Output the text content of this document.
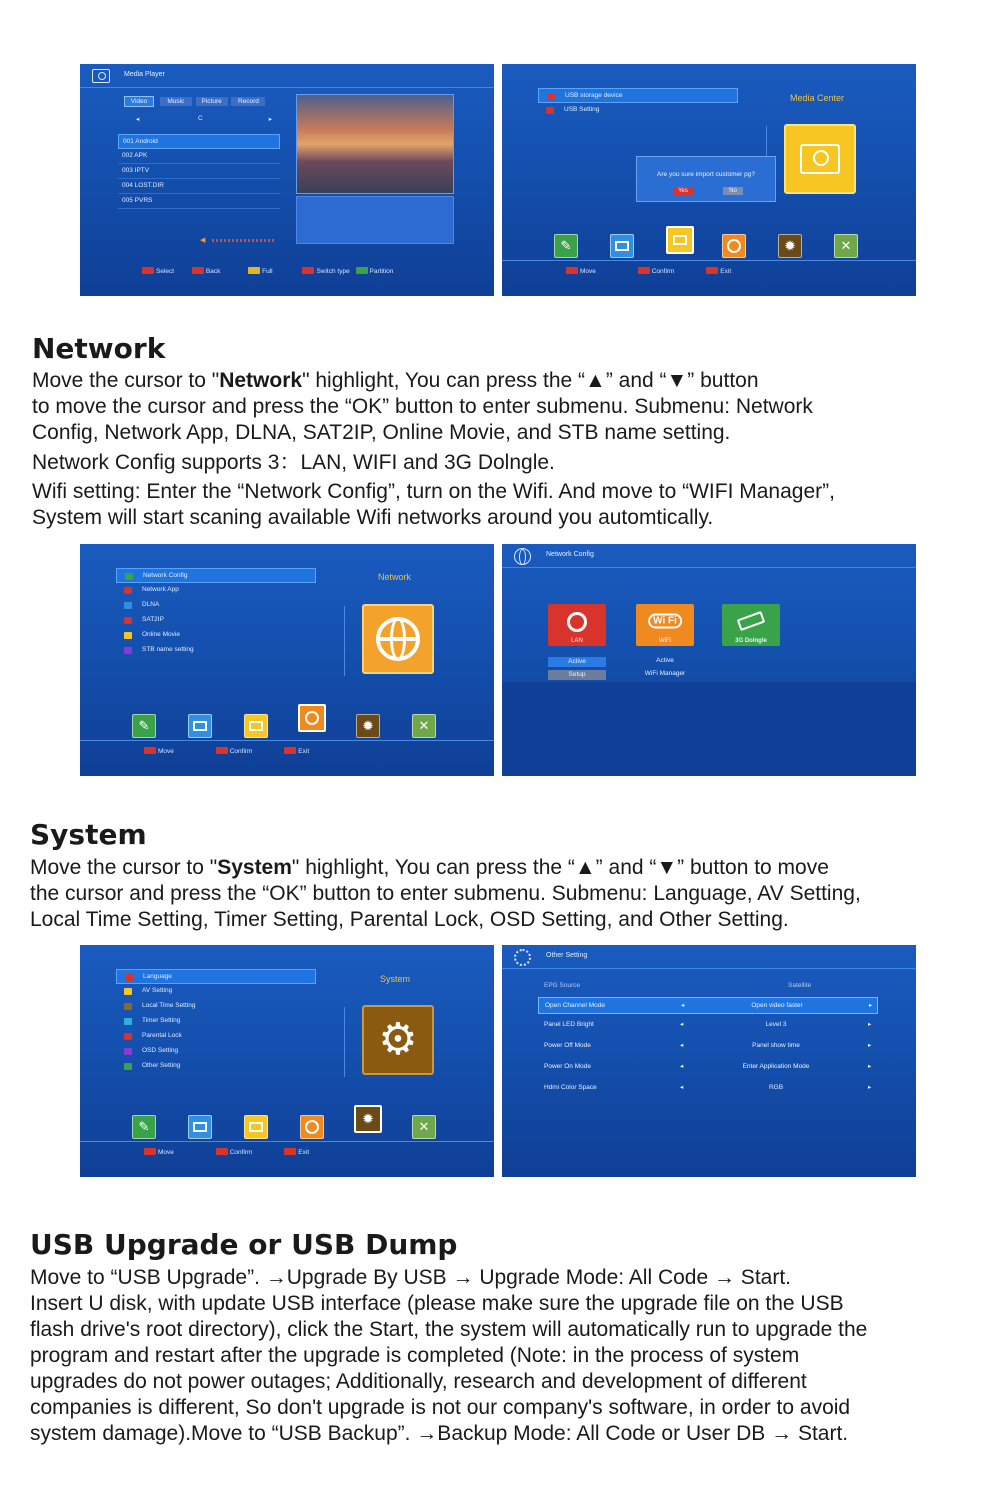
Media Player
Video	Music	Picture Record
◂	C	▸
001 Android
002 APK
003 IPTV
004 LOST.DIR
005 PVRS
◀
Select	Back	Full	Switch type	Partition
USB storage device
USB Setting
Media Center
Are you sure import customer pg?
Yes	No
✎	✹	✕
Move	Confirm	Exit
Network

Move the cursor to "Network" highlight, You can press the “▲” and “▼” button

to move the cursor and press the “OK” button to enter submenu. Submenu: Network

Config, Network App, DLNA, SAT2IP, Online Movie, and STB name setting.

Network Config supports 3：LAN, WIFI and 3G Dolngle.

Wifi setting: Enter the “Network Config”, turn on the Wifi. And move to “WIFI Manager”,

System will start scaning available Wifi networks around you automtically.

Network Config
Network App
DLNA
SAT2IP
Online Movie
STB name setting
Network
✎	✹	✕
Move	Confirm	Exit
Network Config
LAN
Active
Setup
Wi Fi
WiFi
Active
WiFi Manager
3G Dolngle
System

Move the cursor to "System" highlight, You can press the “▲” and “▼” button to move

the cursor and press the “OK” button to enter submenu. Submenu: Language, AV Setting,

Local Time Setting, Timer Setting, Parental Lock, OSD Setting, and Other Setting.

Language
AV Setting
Local Time Setting
Timer Setting
Parental Lock
OSD Setting
Other Setting
System
⚙
✎	✹	✕
Move	Confirm	Exit
Other Setting
EPG Source	Satellite
Open Channel Mode	◂	Open video faster	▸
Panel LED Bright	◂	Level 3	▸
Power Off Mode	◂	Panel show time	▸
Power On Mode	◂	Enter Application Mode	▸
Hdmi Color Space	◂	RGB	▸
USB Upgrade or USB Dump

Move to “USB Upgrade”. →Upgrade By USB → Upgrade Mode: All Code → Start.

Insert U disk, with update USB interface (please make sure the upgrade file on the USB

flash drive's root directory), click the Start, the system will automatically run to upgrade the

program and restart after the upgrade is completed (Note: in the process of system

upgrades do not power outages; Additionally, research and development of different

companies is different, So don't upgrade is not our company's software, in order to avoid

system damage).Move to “USB Backup”. →Backup Mode: All Code or User DB → Start.
